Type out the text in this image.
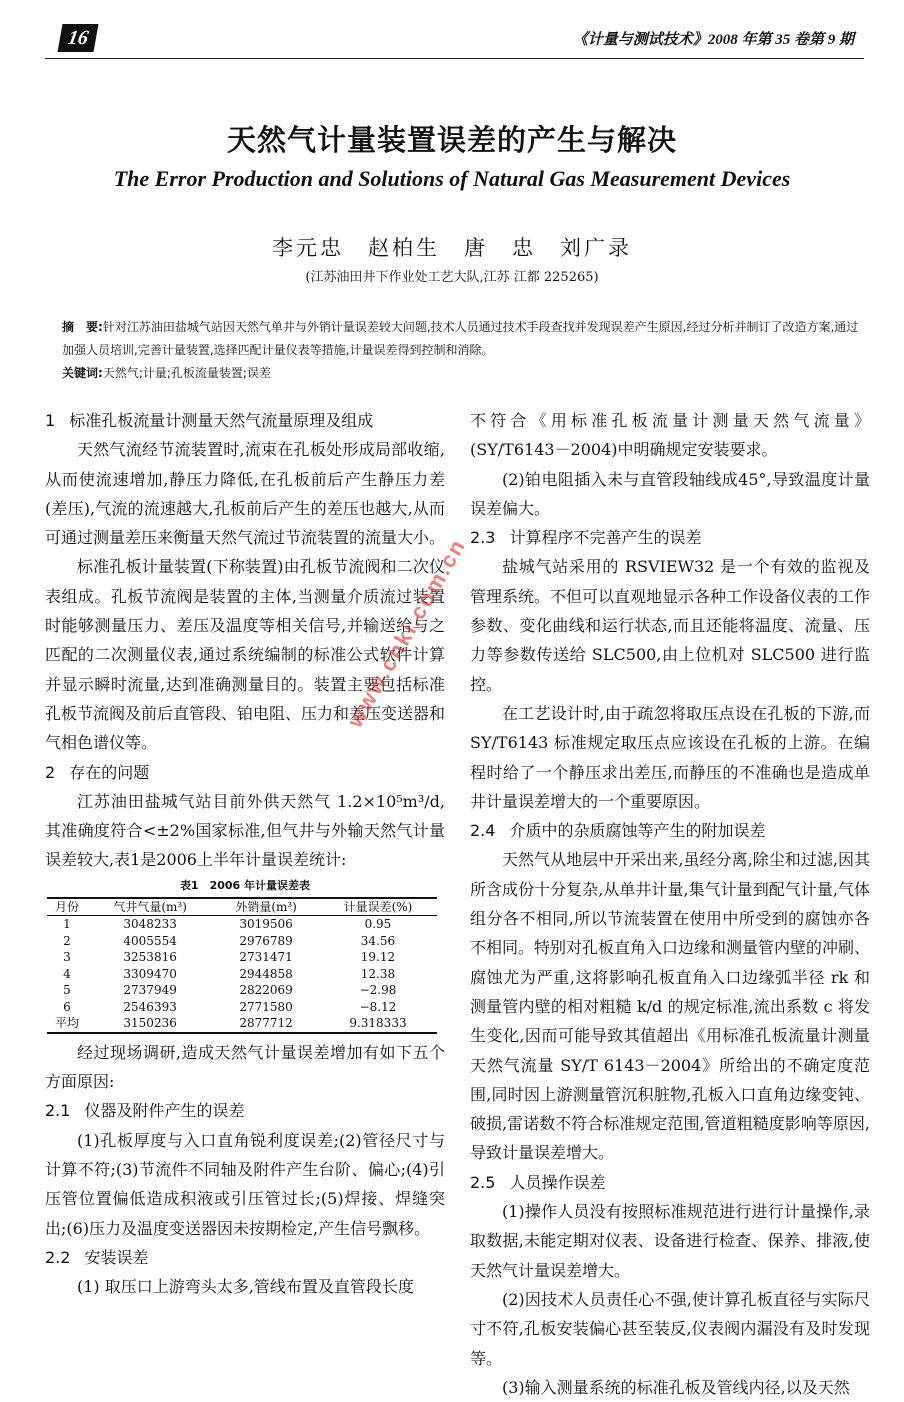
16	《计量与测试技术》2008 年第 35 卷第 9 期
天然气计量装置误差的产生与解决
The Error Production and Solutions of Natural Gas Measurement Devices
李元忠　赵柏生　唐　忠　刘广录
(江苏油田井下作业处工艺大队,江苏 江都 225265)
摘　要:针对江苏油田盐城气站因天然气单井与外销计量误差较大问题,技术人员通过技术手段查找并发现误差产生原因,经过分析并制订了改造方案,通过加强人员培训,完善计量装置,选择匹配计量仪表等措施,计量误差得到控制和消除。
关键词:天然气;计量;孔板流量装置;误差
1 标准孔板流量计测量天然气流量原理及组成

天然气流经节流装置时,流束在孔板处形成局部收缩,从而使流速增加,静压力降低,在孔板前后产生静压力差(差压),气流的流速越大,孔板前后产生的差压也越大,从而可通过测量差压来衡量天然气流过节流装置的流量大小。

标准孔板计量装置(下称装置)由孔板节流阀和二次仪表组成。孔板节流阀是装置的主体,当测量介质流过装置时能够测量压力、差压及温度等相关信号,并输送给与之匹配的二次测量仪表,通过系统编制的标准公式软件计算并显示瞬时流量,达到准确测量目的。装置主要包括标准孔板节流阀及前后直管段、铂电阻、压力和差压变送器和气相色谱仪等。

2 存在的问题

江苏油田盐城气站目前外供天然气 1.2×10⁵m³/d,其准确度符合<±2%国家标准,但气井与外输天然气计量误差较大,表1是2006上半年计量误差统计:

表1　2006 年计量误差表
月份	气井气量(m³)	外销量(m³)	计量误差(%)
1	3048233	3019506	0.95
2	4005554	2976789	34.56
3	3253816	2731471	19.12
4	3309470	2944858	12.38
5	2737949	2822069	−2.98
6	2546393	2771580	−8.12
平均	3150236	2877712	9.318333

经过现场调研,造成天然气计量误差增加有如下五个方面原因:

2.1 仪器及附件产生的误差

(1)孔板厚度与入口直角锐利度误差;(2)管径尺寸与计算不符;(3)节流件不同轴及附件产生台阶、偏心;(4)引压管位置偏低造成积液或引压管过长;(5)焊接、焊缝突出;(6)压力及温度变送器因未按期检定,产生信号飘移。

2.2 安装误差

(1) 取压口上游弯头太多,管线布置及直管段长度

不符合《用标准孔板流量计测量天然气流量》(SY/T6143－2004)中明确规定安装要求。

(2)铂电阻插入未与直管段轴线成45°,导致温度计量误差偏大。

2.3 计算程序不完善产生的误差

盐城气站采用的 RSVIEW32 是一个有效的监视及管理系统。不但可以直观地显示各种工作设备仪表的工作参数、变化曲线和运行状态,而且还能将温度、流量、压力等参数传送给 SLC500,由上位机对 SLC500 进行监控。

在工艺设计时,由于疏忽将取压点设在孔板的下游,而 SY/T6143 标准规定取压点应该设在孔板的上游。在编程时给了一个静压求出差压,而静压的不准确也是造成单井计量误差增大的一个重要原因。

2.4 介质中的杂质腐蚀等产生的附加误差

天然气从地层中开采出来,虽经分离,除尘和过滤,因其所含成份十分复杂,从单井计量,集气计量到配气计量,气体组分各不相同,所以节流装置在使用中所受到的腐蚀亦各不相同。特别对孔板直角入口边缘和测量管内壁的冲刷、腐蚀尤为严重,这将影响孔板直角入口边缘弧半径 rk 和测量管内壁的相对粗糙 k/d 的规定标准,流出系数 c 将发生变化,因而可能导致其值超出《用标准孔板流量计测量天然气流量 SY/T 6143－2004》所给出的不确定度范围,同时因上游测量管沉积脏物,孔板入口直角边缘变钝、破损,雷诺数不符合标准规定范围,管道粗糙度影响等原因,导致计量误差增大。

2.5 人员操作误差

(1)操作人员没有按照标准规范进行进行计量操作,录取数据,未能定期对仪表、设备进行检查、保养、排液,使天然气计量误差增大。

(2)因技术人员责任心不强,使计算孔板直径与实际尺寸不符,孔板安装偏心甚至装反,仪表阀内漏没有及时发现等。

(3)输入测量系统的标准孔板及管线内径,以及天然

www.cnki.com.cn
